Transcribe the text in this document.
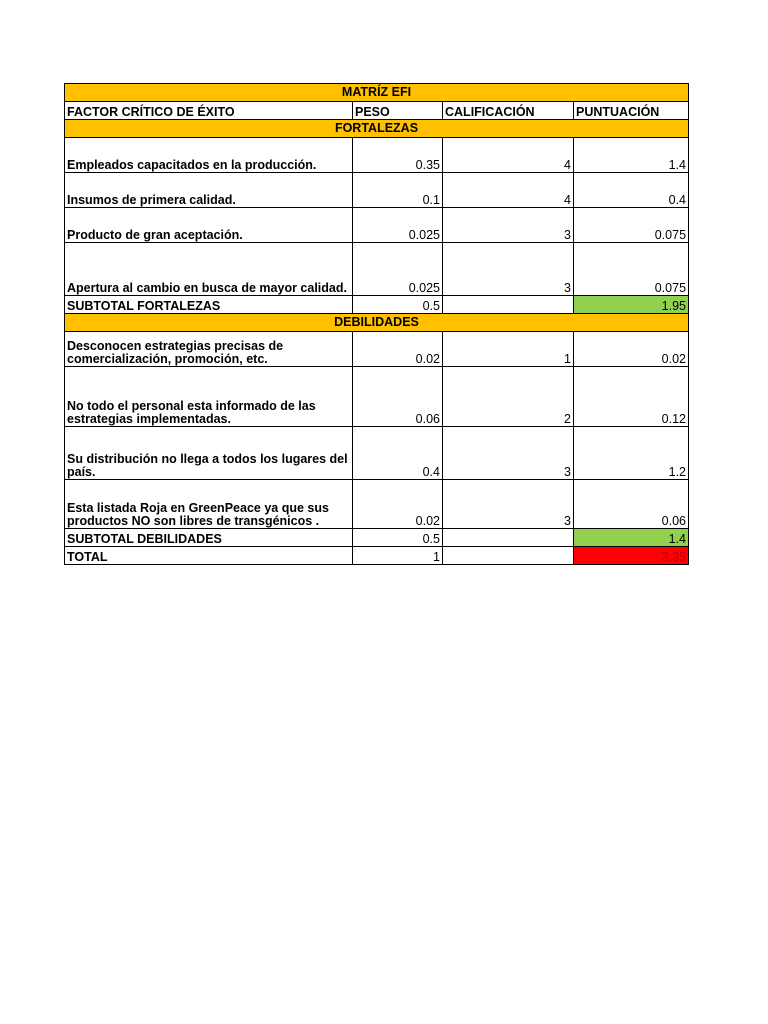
MATRÍZ EFI			
FACTOR CRÍTICO DE ÉXITO	PESO	CALIFICACIÓN	PUNTUACIÓN
FORTALEZAS			
Empleados capacitados en la producción.	0.35	4	1.4
Insumos de primera calidad.	0.1	4	0.4
Producto de gran aceptación.	0.025	3	0.075
Apertura al cambio en busca de mayor calidad.	0.025	3	0.075
SUBTOTAL FORTALEZAS	0.5		1.95
DEBILIDADES			
Desconocen estrategias precisas de comercialización, promoción, etc.	0.02	1	0.02
No todo el personal esta informado de las estrategias implementadas.	0.06	2	0.12
Su distribución no llega a todos los lugares del país.	0.4	3	1.2
Esta listada Roja en GreenPeace ya que sus productos NO son libres de transgénicos .	0.02	3	0.06
SUBTOTAL DEBILIDADES	0.5		1.4
TOTAL	1		3.35
